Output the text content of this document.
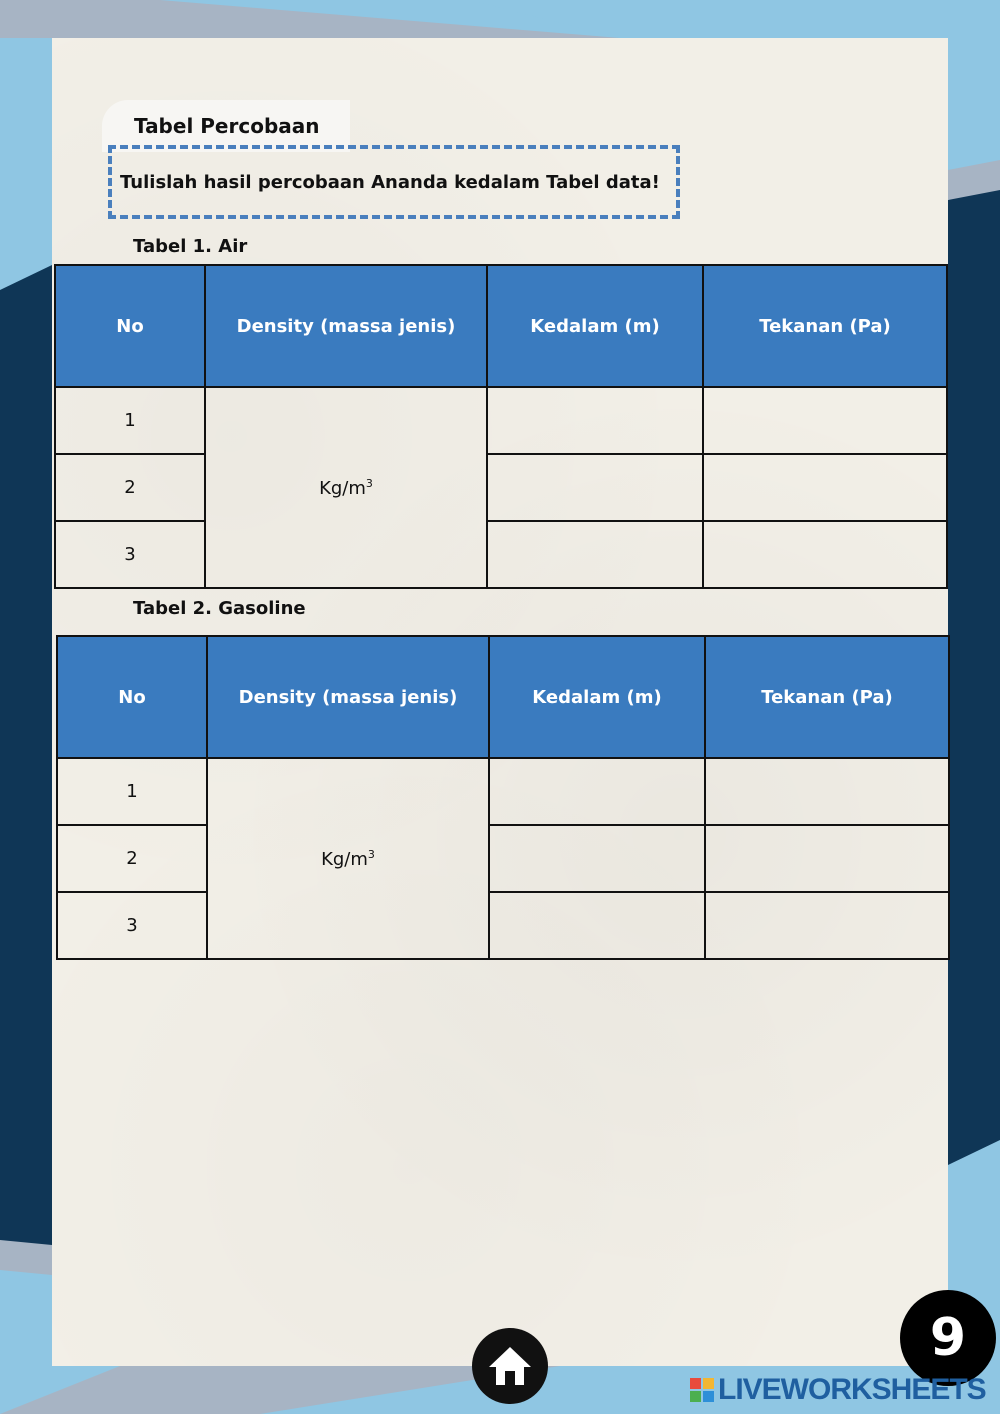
Tabel Percobaan
Tulislah hasil percobaan Ananda kedalam Tabel data!
Tabel 1. Air
No	Density (massa jenis)	Kedalam (m)	Tekanan (Pa)
1	$Kg/m^3$		
2			
3			
Tabel 2. Gasoline
No	Density (massa jenis)	Kedalam (m)	Tekanan (Pa)
1	$Kg/m^3$		
2			
3			
9
LIVEWORKSHEETS
